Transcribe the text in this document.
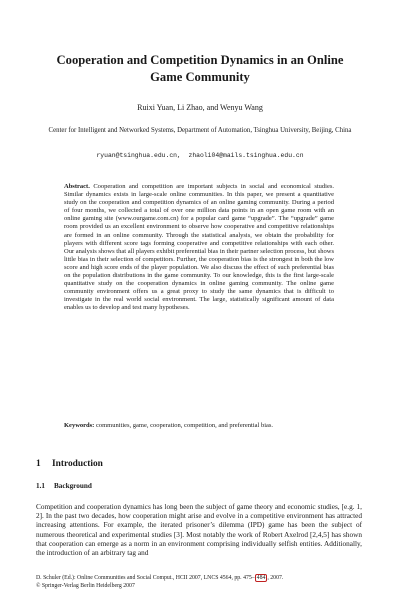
Cooperation and Competition Dynamics in an Online Game Community
Ruixi Yuan, Li Zhao, and Wenyu Wang
Center for Intelligent and Networked Systems, Department of Automation, Tsinghua University, Beijing, China
ryuan@tsinghua.edu.cn,  zhaoli04@mails.tsinghua.edu.cn
Abstract. Cooperation and competition are important subjects in social and economical studies. Similar dynamics exists in large-scale online communities. In this paper, we present a quantitative study on the cooperation and competition dynamics of an online gaming community. During a period of four months, we collected a total of over one million data points in an open game room with an online gaming site (www.ourgame.com.cn) for a popular card game “upgrade”. The “upgrade” game room provided us an excellent environment to observe how cooperative and competitive relationships are formed in an online community. Through the statistical analysis, we obtain the probability for players with different score tags forming cooperative and competitive relationships with each other. Our analysis shows that all players exhibit preferential bias in their partner selection process, but shows little bias in their selection of competitors. Further, the cooperation bias is the strongest in both the low score and high score ends of the player population. We also discuss the effect of such preferential bias on the population distributions in the game community. To our knowledge, this is the first large-scale quantitative study on the cooperation dynamics in online gaming community. The online game community environment offers us a great proxy to study the same dynamics that is difficult to investigate in the real world social environment. The large, statistically significant amount of data enables us to develop and test many hypotheses.
Keywords: communities, game, cooperation, competition, and preferential bias.
1 Introduction
1.1 Background
Competition and cooperation dynamics has long been the subject of game theory and economic studies, [e.g. 1, 2]. In the past two decades, how cooperation might arise and evolve in a competitive environment has attracted increasing attentions. For example, the iterated prisoner’s dilemma (IPD) game has been the subject of numerous theoretical and experimental studies [3]. Most notably the work of Robert Axelrod [2,4,5] has shown that cooperation can emerge as a norm in an environment comprising individually selfish entities. Additionally, the introduction of an arbitrary tag and
D. Schuler (Ed.): Online Communities and Social Comput., HCII 2007, LNCS 4564, pp. 475– 484 , 2007.
© Springer-Verlag Berlin Heidelberg 2007
